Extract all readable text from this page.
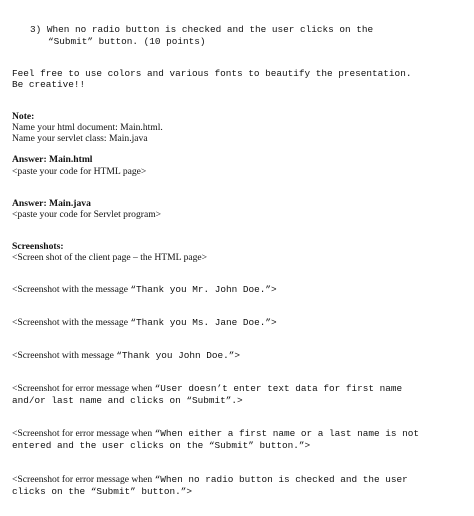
3) When no radio button is checked and the user clicks on the
“Submit” button. (10 points)
Feel free to use colors and various fonts to beautify the presentation.
Be creative!!
Note:
Name your html document: Main.html.
Name your servlet class: Main.java
Answer: Main.html
<paste your code for HTML page>
Answer: Main.java
<paste your code for Servlet program>
Screenshots:
<Screen shot of the client page – the HTML page>
<Screenshot with the message “Thank you Mr. John Doe.”>
<Screenshot with the message “Thank you Ms. Jane Doe.”>
<Screenshot with message “Thank you John Doe.”>
<Screenshot for error message when “User doesn’t enter text data for first name
and/or last name and clicks on “Submit”.>
<Screenshot for error message when “When either a first name or a last name is not
entered and the user clicks on the “Submit” button.”>
<Screenshot for error message when “When no radio button is checked and the user
clicks on the “Submit” button.”>
